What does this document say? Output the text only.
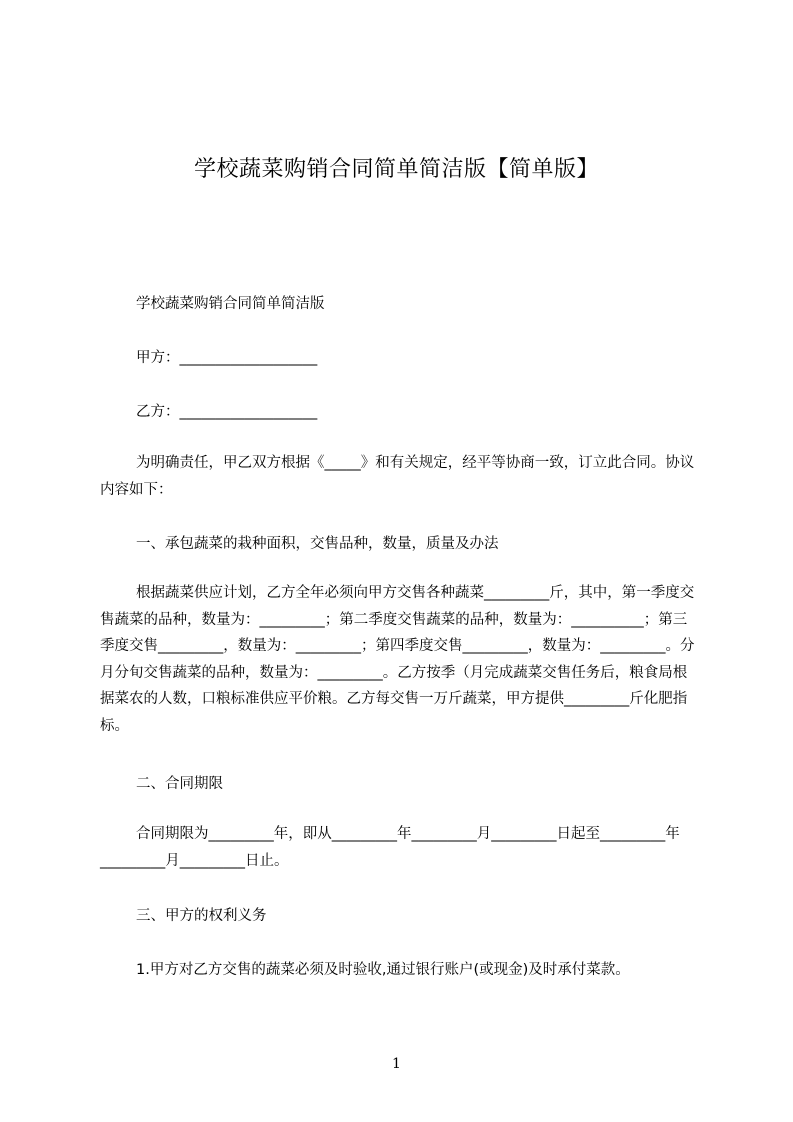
学校蔬菜购销合同简单简洁版【简单版】
学校蔬菜购销合同简单简洁版
甲方：___________________
乙方：___________________
为明确责任，甲乙双方根据《_____》和有关规定，经平等协商一致，订立此合同。协议内容如下：
一、承包蔬菜的栽种面积，交售品种，数量，质量及办法
根据蔬菜供应计划，乙方全年必须向甲方交售各种蔬菜_________斤，其中，第一季度交售蔬菜的品种，数量为：_________；第二季度交售蔬菜的品种，数量为：__________；第三季度交售_________，数量为：_________；第四季度交售_________，数量为：_________。分月分旬交售蔬菜的品种，数量为：_________。乙方按季（月完成蔬菜交售任务后，粮食局根据菜农的人数，口粮标准供应平价粮。乙方每交售一万斤蔬菜，甲方提供_________斤化肥指标。
二、合同期限
合同期限为_________年，即从_________年_________月_________日起至_________年_________月_________日止。
三、甲方的权利义务
1.甲方对乙方交售的蔬菜必须及时验收,通过银行账户(或现金)及时承付菜款。
1
